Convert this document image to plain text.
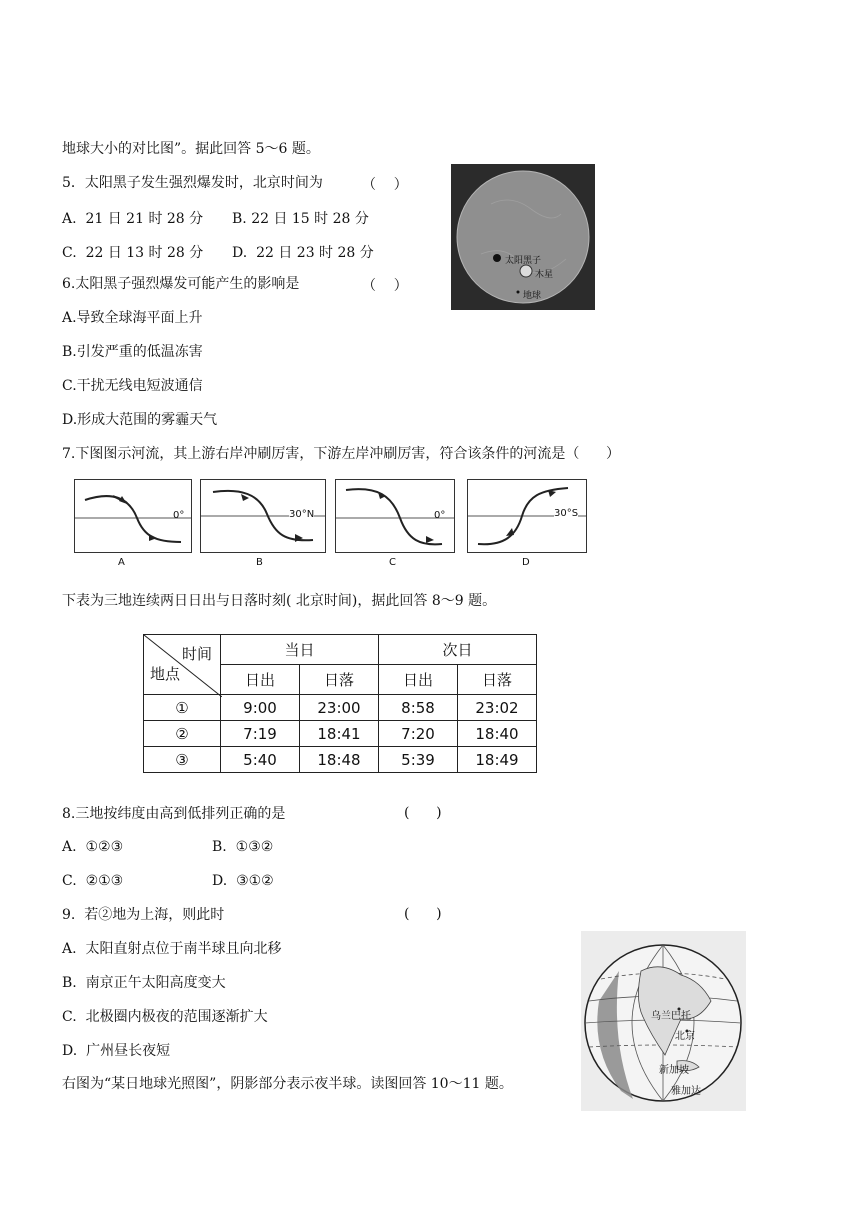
地球大小的对比图”。据此回答 5～6 题。
5．太阳黑子发生强烈爆发时，北京时间为	（    ）
A.  21 日 21 时 28 分 B. 22 日 15 时 28 分
C.  22 日 13 时 28 分 D.  22 日 23 时 28 分	太阳黑子
木星
地球
6.太阳黑子强烈爆发可能产生的影响是	（    ）
A.导致全球海平面上升
B.引发严重的低温冻害
C.干扰无线电短波通信
D.形成大范围的雾霾天气
7.下图图示河流，其上游右岸冲刷厉害，下游左岸冲刷厉害，符合该条件的河流是（      ）
0°
A
30°N
B
0°
C
30°S
D
下表为三地连续两日日出与日落时刻( 北京时间)，据此回答 8～9 题。
时间
地点	当日		次日	
	日出	日落	日出	日落
①	9:00	23:00	8:58	23:02
②	7:19	18:41	7:20	18:40
③	5:40	18:48	5:39	18:49
8.三地按纬度由高到低排列正确的是	(      )
A.  ①②③	B.  ①③②
C.  ②①③	D.  ③①②
9.  若②地为上海，则此时	(      )
A.  太阳直射点位于南半球且向北移
B.  南京正午太阳高度变大
C.  北极圈内极夜的范围逐渐扩大
D.  广州昼长夜短
右图为“某日地球光照图”，阴影部分表示夜半球。读图回答 10～11 题。
乌兰巴托
北京
新加坡
雅加达
